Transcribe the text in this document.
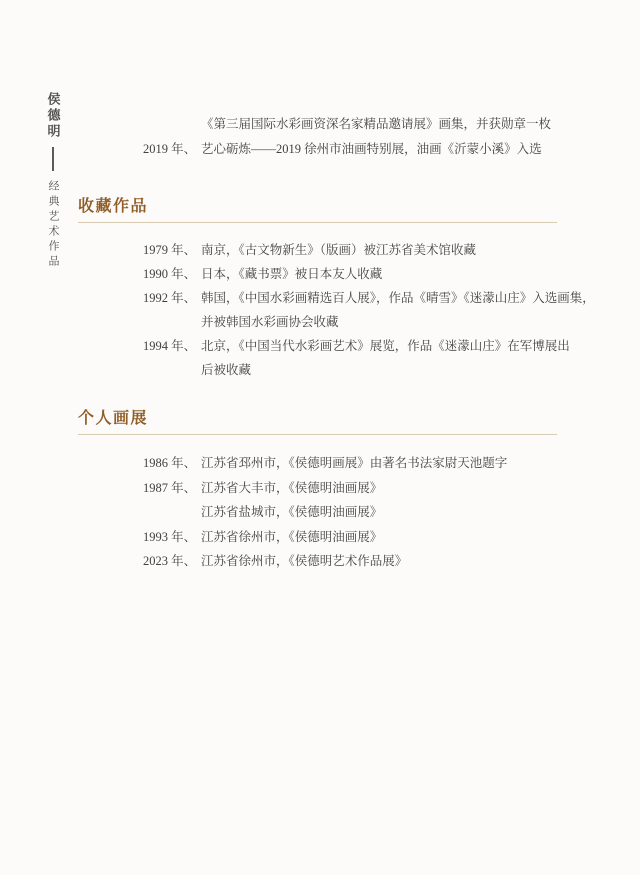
侯德明
经典艺术作品
《第三届国际水彩画资深名家精品邀请展》画集，并获勋章一枚
2019 年、 艺心砺炼——2019 徐州市油画特别展，油画《沂蒙小溪》入选
收藏作品
1979 年、 南京，《古文物新生》（版画）被江苏省美术馆收藏
1990 年、 日本，《藏书票》被日本友人收藏
1992 年、 韩国，《中国水彩画精选百人展》，作品《晴雪》《迷濛山庄》入选画集，
并被韩国水彩画协会收藏
1994 年、 北京，《中国当代水彩画艺术》展览，作品《迷濛山庄》在军博展出
后被收藏
个人画展
1986 年、 江苏省邳州市，《侯德明画展》由著名书法家尉天池题字
1987 年、 江苏省大丰市，《侯德明油画展》
江苏省盐城市，《侯德明油画展》
1993 年、 江苏省徐州市，《侯德明油画展》
2023 年、 江苏省徐州市，《侯德明艺术作品展》
